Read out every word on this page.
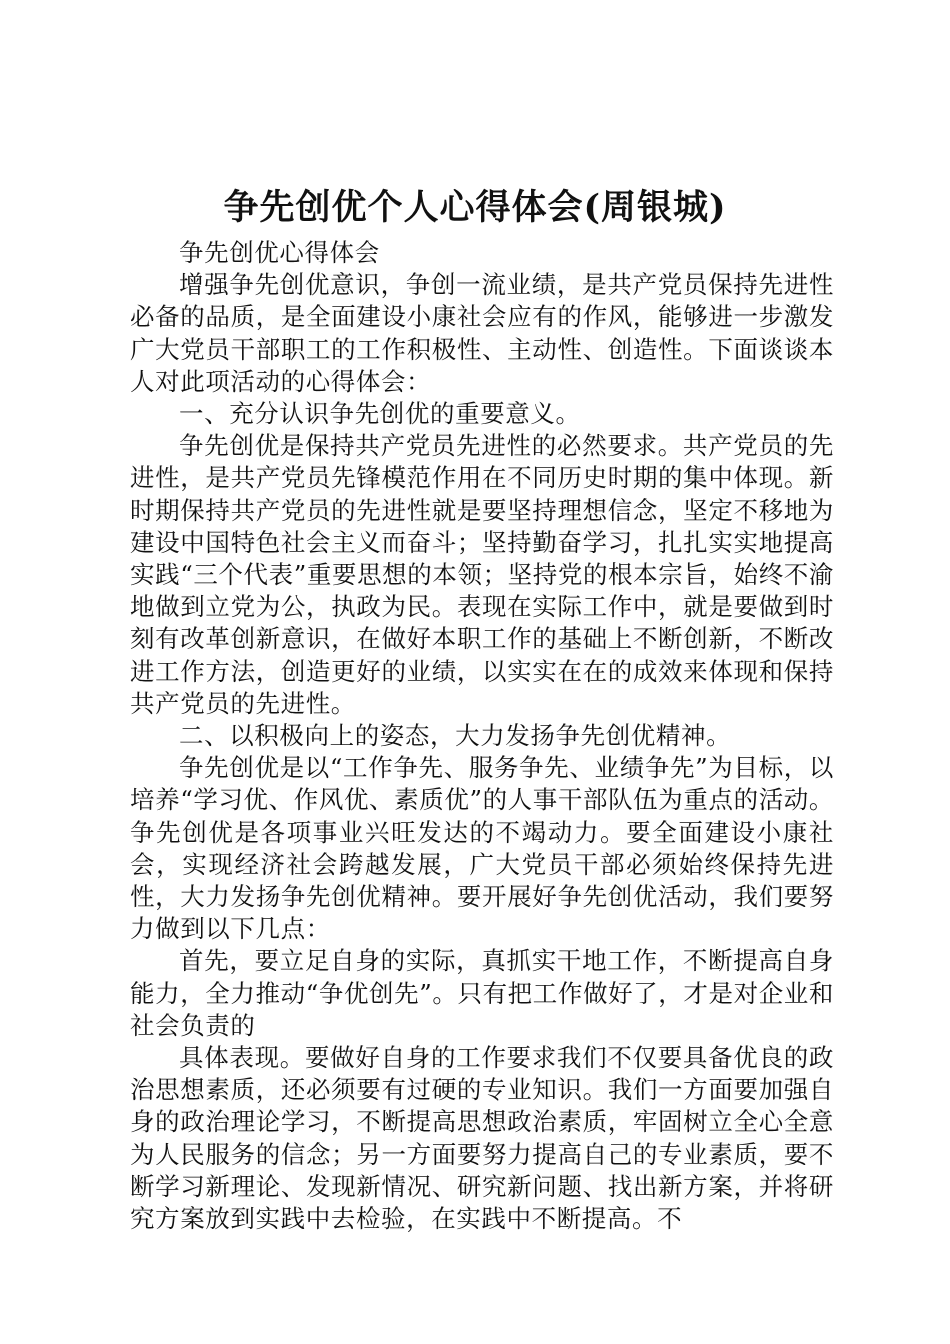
争先创优个人心得体会(周银城)

争先创优心得体会

增强争先创优意识，争创一流业绩，是共产党员保持先进性必备的品质，是全面建设小康社会应有的作风，能够进一步激发广大党员干部职工的工作积极性、主动性、创造性。下面谈谈本人对此项活动的心得体会：

一、充分认识争先创优的重要意义。

争先创优是保持共产党员先进性的必然要求。共产党员的先进性，是共产党员先锋模范作用在不同历史时期的集中体现。新时期保持共产党员的先进性就是要坚持理想信念，坚定不移地为建设中国特色社会主义而奋斗；坚持勤奋学习，扎扎实实地提高实践“三个代表”重要思想的本领；坚持党的根本宗旨，始终不渝地做到立党为公，执政为民。表现在实际工作中，就是要做到时刻有改革创新意识，在做好本职工作的基础上不断创新，不断改进工作方法，创造更好的业绩，以实实在在的成效来体现和保持共产党员的先进性。

二、以积极向上的姿态，大力发扬争先创优精神。

争先创优是以“工作争先、服务争先、业绩争先”为目标，以培养“学习优、作风优、素质优”的人事干部队伍为重点的活动。争先创优是各项事业兴旺发达的不竭动力。要全面建设小康社会，实现经济社会跨越发展，广大党员干部必须始终保持先进性，大力发扬争先创优精神。要开展好争先创优活动，我们要努力做到以下几点：

首先，要立足自身的实际，真抓实干地工作，不断提高自身能力，全力推动“争优创先”。只有把工作做好了，才是对企业和社会负责的

具体表现。要做好自身的工作要求我们不仅要具备优良的政治思想素质，还必须要有过硬的专业知识。我们一方面要加强自身的政治理论学习，不断提高思想政治素质，牢固树立全心全意为人民服务的信念；另一方面要努力提高自己的专业素质，要不断学习新理论、发现新情况、研究新问题、找出新方案，并将研究方案放到实践中去检验，在实践中不断提高。不
